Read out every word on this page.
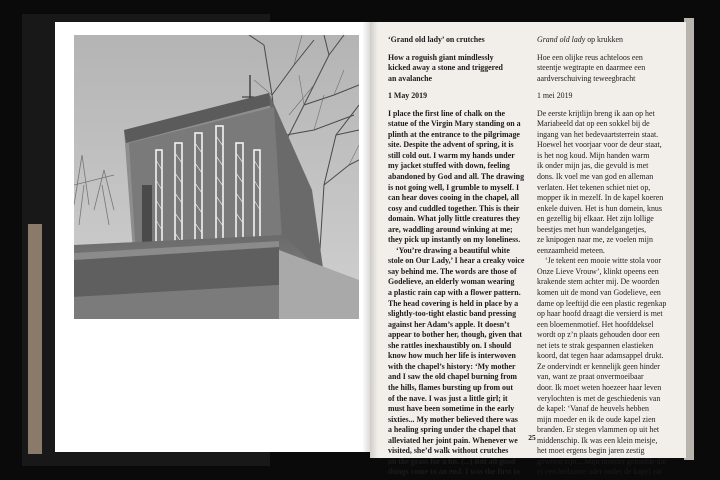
‘Grand old lady’ on crutches
How a roguish giant mindlessly
kicked away a stone and triggered
an avalanche
1 May 2019
I place the first line of chalk on the
statue of the Virgin Mary standing on a
plinth at the entrance to the pilgrimage
site. Despite the advent of spring, it is
still cold out. I warm my hands under
my jacket stuffed with down, feeling
abandoned by God and all. The drawing
is not going well, I grumble to myself. I
can hear doves cooing in the chapel, all
cosy and cuddled together. This is their
domain. What jolly little creatures they
are, waddling around winking at me;
they pick up instantly on my loneliness.
‘You’re drawing a beautiful white
stole on Our Lady,’ I hear a creaky voice
say behind me. The words are those of
Godelieve, an elderly woman wearing
a plastic rain cap with a flower pattern.
The head covering is held in place by a
slightly-too-tight elastic band pressing
against her Adam’s apple. It doesn’t
appear to bother her, though, given that
she rattles inexhaustibly on. I should
know how much her life is interwoven
with the chapel’s history: ‘My mother
and I saw the old chapel burning from
the hills, flames bursting up from out
of the nave. I was just a little girl; it
must have been sometime in the early
sixties... My mother believed there was
a healing spring under the chapel that
alleviated her joint pain. Whenever we
visited, she’d walk without crutches
on the grass for a bit. (...) But all good
things come to an end. I was the first to
Grand old lady op krukken
Hoe een olijke reus achteloos een
steentje wegtrapte en daarmee een
aardverschuiving teweegbracht
1 mei 2019
De eerste krijtlijn breng ik aan op het
Mariabeeld dat op een sokkel bij de
ingang van het bedevaartsterrein staat.
Hoewel het voorjaar voor de deur staat,
is het nog koud. Mijn handen warm
ik onder mijn jas, die gevuld is met
dons. Ik voel me van god en alleman
verlaten. Het tekenen schiet niet op,
mopper ik in mezelf. In de kapel koeren
enkele duiven. Het is hun domein, knus
en gezellig bij elkaar. Het zijn lollige
beestjes met hun wandelgangetjes,
ze knipogen naar me, ze voelen mijn
eenzaamheid meteen.
‘Je tekent een mooie witte stola voor
Onze Lieve Vrouw’, klinkt opeens een
krakende stem achter mij. De woorden
komen uit de mond van Godelieve, een
dame op leeftijd die een plastic regenkap
op haar hoofd draagt die versierd is met
een bloemenmotief. Het hoofddeksel
wordt op z’n plaats gehouden door een
net iets te strak gespannen elastieken
koord, dat tegen haar adamsappel drukt.
Ze ondervindt er kennelijk geen hinder
van, want ze praat onvermoeibaar
door. Ik moet weten hoezeer haar leven
verylochten is met de geschiedenis van
de kapel: ‘Vanaf de heuvels hebben
mijn moeder en ik de oude kapel zien
branden. Er stegen vlammen op uit het
middenschip. Ik was een klein meisje,
het moet ergens begin jaren zestig
geweest zijn... Mijn moeder geloofde dat
er een heilzame ader onder de kapel zat
25
